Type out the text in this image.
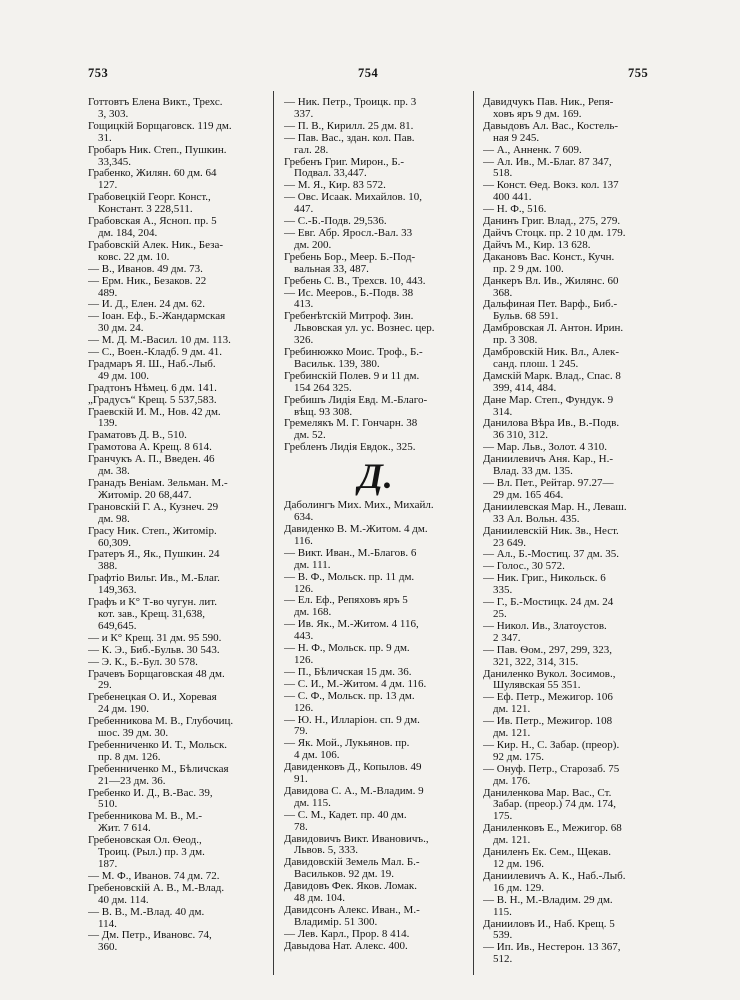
753	754	755
Готтовтъ Елена Викт., Трехс.
3, 303.
Гощицкій Борщаговск. 119 дм.
31.
Гробаръ Ник. Степ., Пушкин.
33,345.
Грабенко, Жилян. 60 дм. 64
127.
Грабовецкій Георг. Конст.,
Констант. 3 228,511.
Грабовская А., Ясноп. пр. 5
дм. 184, 204.
Грабовскій Алек. Ник., Беза-
ковс. 22 дм. 10.
— В., Иванов. 49 дм. 73.
— Ерм. Ник., Безаков. 22
489.
— И. Д., Елен. 24 дм. 62.
— Іоан. Еф., Б.-Жандармская
30 дм. 24.
— М. Д. М.-Васил. 10 дм. 113.
— С., Воен.-Кладб. 9 дм. 41.
Градмаръ Я. Ш., Наб.-Лыб.
49 дм. 100.
Градтонъ Нѣмец. 6 дм. 141.
„Градусъ“ Крещ. 5 537,583.
Граевскій И. М., Нов. 42 дм.
139.
Граматовъ Д. В., 510.
Грамотова А. Крещ. 8 614.
Гранчукъ А. П., Введен. 46
дм. 38.
Гранадъ Веніам. Зельман. М.-
Житомір. 20 68,447.
Грановскій Г. А., Кузнеч. 29
дм. 98.
Грасу Ник. Степ., Житомір.
60,309.
Гратеръ Я., Як., Пушкин. 24
388.
Графтіо Вильг. Ив., М.-Благ.
149,363.
Графъ и К° Т-во чугун. лит.
кот. зав., Крещ. 31,638,
649,645.
— и К° Крещ. 31 дм. 95 590.
— К. Э., Биб.-Бульв. 30 543.
— Э. К., Б.-Бул. 30 578.
Грачевъ Борщаговская 48 дм.
29.
Гребенецкая О. И., Хоревая
24 дм. 190.
Гребенникова М. В., Глубочиц.
шос. 39 дм. 30.
Гребенниченко И. Т., Мольск.
пр. 8 дм. 126.
Гребенниченко М., Бѣличская
21—23 дм. 36.
Гребенко И. Д., В.-Вас. 39,
510.
Гребенникова М. В., М.-
Жит. 7 614.
Гребеновская Ол. Ѳеод.,
Троиц. (Рыл.) пр. 3 дм.
187.
— М. Ф., Иванов. 74 дм. 72.
Гребеновскій А. В., М.-Влад.
40 дм. 114.
— В. В., М.-Влад. 40 дм.
114.
— Дм. Петр., Ивановс. 74,
360.
— Ник. Петр., Троицк. пр. 3
337.
— П. В., Кирилл. 25 дм. 81.
— Пав. Вас., здан. кол. Пав.
гал. 28.
Гребенъ Григ. Мирон., Б.-
Подвал. 33,447.
— М. Я., Кир. 83 572.
— Овс. Исаак. Михайлов. 10,
447.
— С.-Б.-Подв. 29,536.
— Евг. Абр. Яросл.-Вал. 33
дм. 200.
Гребень Бор., Меер. Б.-Под-
вальная 33, 487.
Гребень С. В., Трехсв. 10, 443.
— Ис. Мееров., Б.-Подв. 38
413.
Гребенѣтскій Митроф. Зин.
Львовская ул. ус. Вознес. цер.
326.
Гребинюжко Моис. Троф., Б.-
Васильк. 139, 380.
Гребинскій Полев. 9 и 11 дм.
154 264 325.
Гребишъ Лидія Евд. М.-Благо-
вѣщ. 93 308.
Гремелякъ М. Г. Гончарн. 38
дм. 52.
Гребленъ Лидія Евдок., 325.
Д.
Даболингъ Мих. Мих., Михайл.
634.
Давиденко В. М.-Житом. 4 дм.
116.
— Викт. Иван., М.-Благов. 6
дм. 111.
— В. Ф., Мольск. пр. 11 дм.
126.
— Ел. Еф., Репяховъ яръ 5
дм. 168.
— Ив. Як., М.-Житом. 4 116,
443.
— Н. Ф., Мольск. пр. 9 дм.
126.
— П., Бѣличская 15 дм. 36.
— С. И., М.-Житом. 4 дм. 116.
— С. Ф., Мольск. пр. 13 дм.
126.
— Ю. Н., Илларіон. сп. 9 дм.
79.
— Як. Мой., Лукьянов. пр.
4 дм. 106.
Давиденковъ Д., Копылов. 49
91.
Давидова С. А., М.-Владим. 9
дм. 115.
— С. М., Кадет. пр. 40 дм.
78.
Давидовичъ Викт. Ивановичъ.,
Львов. 5, 333.
Давидовскій Земель Мал. Б.-
Васильков. 92 дм. 19.
Давидовъ Фек. Яков. Ломак.
48 дм. 104.
Давидсонъ Алекс. Иван., М.-
Владимір. 51 300.
— Лев. Карл., Прор. 8 414.
Давыдова Нат. Алекс. 400.
Давидчукъ Пав. Ник., Репя-
ховъ яръ 9 дм. 169.
Давыдовъ Ал. Вас., Костель-
ная 9 245.
— А., Анненк. 7 609.
— Ал. Ив., М.-Благ. 87 347,
518.
— Конст. Ѳед. Вокз. кол. 137
400 441.
— Н. Ф., 516.
Данинъ Григ. Влад., 275, 279.
Дайчъ Стоцк. пр. 2 10 дм. 179.
Дайчъ М., Кир. 13 628.
Дакановъ Вас. Конст., Кучн.
пр. 2 9 дм. 100.
Данкеръ Вл. Ив., Жилянс. 60
368.
Дальфиная Пет. Варф., Биб.-
Бульв. 68 591.
Дамбровская Л. Антон. Ирин.
пр. 3 308.
Дамбровскій Ник. Вл., Алек-
санд. плош. 1 245.
Дамскій Марк. Влад., Спас. 8
399, 414, 484.
Дане Мар. Степ., Фундук. 9
314.
Данилова Вѣра Ив., В.-Подв.
36 310, 312.
— Мар. Льв., Золот. 4 310.
Даниилевичъ Аня. Кар., Н.-
Влад. 33 дм. 135.
— Вл. Пет., Рейтар. 97.27—
29 дм. 165 464.
Даниилевская Мар. Н., Леваш.
33 Ал. Вольн. 435.
Даниилевскій Ник. Зв., Нест.
23 649.
— Ал., Б.-Мостиц. 37 дм. 35.
— Голос., 30 572.
— Ник. Григ., Никольск. 6
335.
— Г., Б.-Мостицк. 24 дм. 24
25.
— Никол. Ив., Златоустов.
2 347.
— Пав. Ѳом., 297, 299, 323,
321, 322, 314, 315.
Даниленко Вукол. Зосимов.,
Шулявская 55 351.
— Еф. Петр., Межигор. 106
дм. 121.
— Ив. Петр., Межигор. 108
дм. 121.
— Кир. Н., С. Забар. (преор).
92 дм. 175.
— Онуф. Петр., Старозаб. 75
дм. 176.
Даниленкова Мар. Вас., Ст.
Забар. (преор.) 74 дм. 174,
175.
Даниленковъ Е., Межигор. 68
дм. 121.
Даниленъ Ек. Сем., Щекав.
12 дм. 196.
Даниилевичъ А. К., Наб.-Лыб.
16 дм. 129.
— В. Н., М.-Владим. 29 дм.
115.
Данииловъ И., Наб. Крещ. 5
539.
— Ип. Ив., Нестерон. 13 367,
512.
